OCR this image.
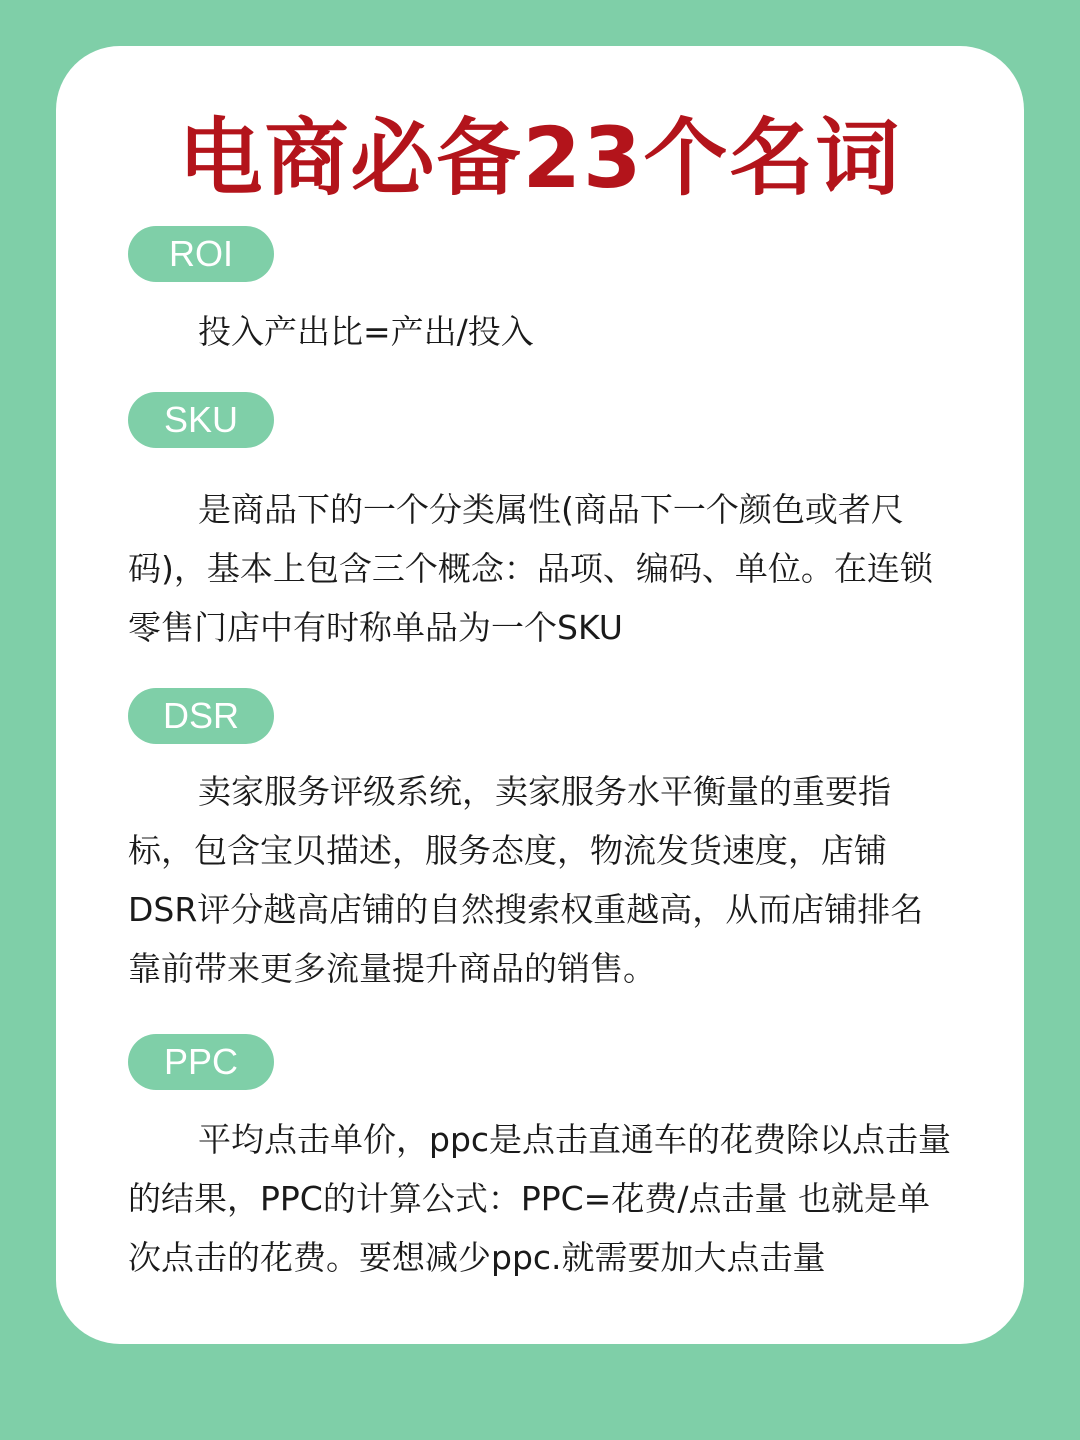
电商必备23个名词
ROI

投入产出比=产出/投入

SKU

是商品下的一个分类属性(商品下一个颜色或者尺码)，基本上包含三个概念：品项、编码、单位。在连锁零售门店中有时称单品为一个SKU

DSR

卖家服务评级系统，卖家服务水平衡量的重要指标，包含宝贝描述，服务态度，物流发货速度，店铺DSR评分越高店铺的自然搜索权重越高，从而店铺排名靠前带来更多流量提升商品的销售。

PPC

平均点击单价，ppc是点击直通车的花费除以点击量的结果，PPC的计算公式：PPC=花费/点击量 也就是单次点击的花费。要想减少ppc.就需要加大点击量
